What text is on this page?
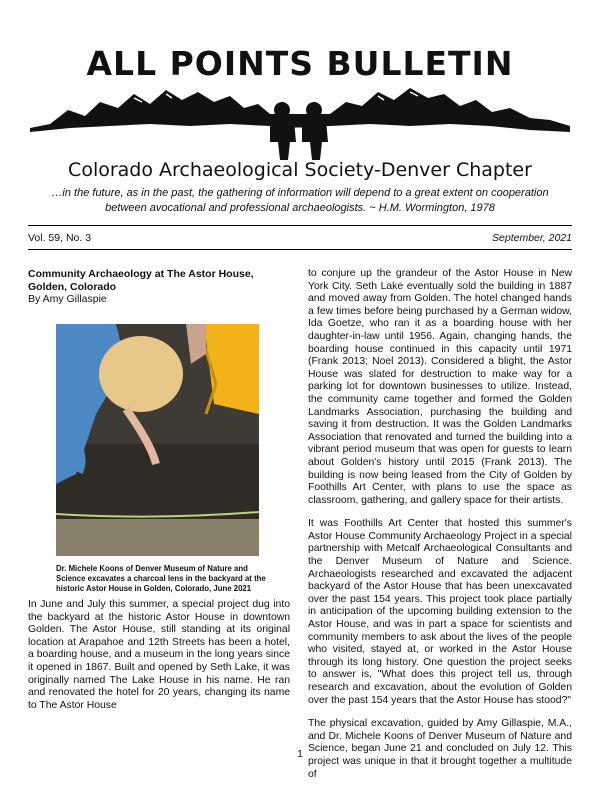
ALL POINTS BULLETIN
Colorado Archaeological Society-Denver Chapter
…in the future, as in the past, the gathering of information will depend to a great extent on cooperation between avocational and professional archaeologists. ~ H.M. Wormington, 1978
Vol. 59, No. 3	September, 2021
Community Archaeology at The Astor House, Golden, Colorado
By Amy Gillaspie
Dr. Michele Koons of Denver Museum of Nature and Science excavates a charcoal lens in the backyard at the historic Astor House in Golden, Colorado, June 2021

In June and July this summer, a special project dug into the backyard at the historic Astor House in downtown Golden. The Astor House, still standing at its original location at Arapahoe and 12th Streets has been a hotel, a boarding house, and a museum in the long years since it opened in 1867. Built and opened by Seth Lake, it was originally named The Lake House in his name. He ran and renovated the hotel for 20 years, changing its name to The Astor House

to conjure up the grandeur of the Astor House in New York City. Seth Lake eventually sold the building in 1887 and moved away from Golden. The hotel changed hands a few times before being purchased by a German widow, Ida Goetze, who ran it as a boarding house with her daughter-in-law until 1956. Again, changing hands, the boarding house continued in this capacity until 1971 (Frank 2013; Noel 2013). Considered a blight, the Astor House was slated for destruction to make way for a parking lot for downtown businesses to utilize. Instead, the community came together and formed the Golden Landmarks Association, purchasing the building and saving it from destruction. It was the Golden Landmarks Association that renovated and turned the building into a vibrant period museum that was open for guests to learn about Golden's history until 2015 (Frank 2013). The building is now being leased from the City of Golden by Foothills Art Center, with plans to use the space as classroom, gathering, and gallery space for their artists.

It was Foothills Art Center that hosted this summer's Astor House Community Archaeology Project in a special partnership with Metcalf Archaeological Consultants and the Denver Museum of Nature and Science. Archaeologists researched and excavated the adjacent backyard of the Astor House that has been unexcavated over the past 154 years. This project took place partially in anticipation of the upcoming building extension to the Astor House, and was in part a space for scientists and community members to ask about the lives of the people who visited, stayed at, or worked in the Astor House through its long history. One question the project seeks to answer is, "What does this project tell us, through research and excavation, about the evolution of Golden over the past 154 years that the Astor House has stood?"

The physical excavation, guided by Amy Gillaspie, M.A., and Dr. Michele Koons of Denver Museum of Nature and Science, began June 21 and concluded on July 12. This project was unique in that it brought together a multitude of

1
